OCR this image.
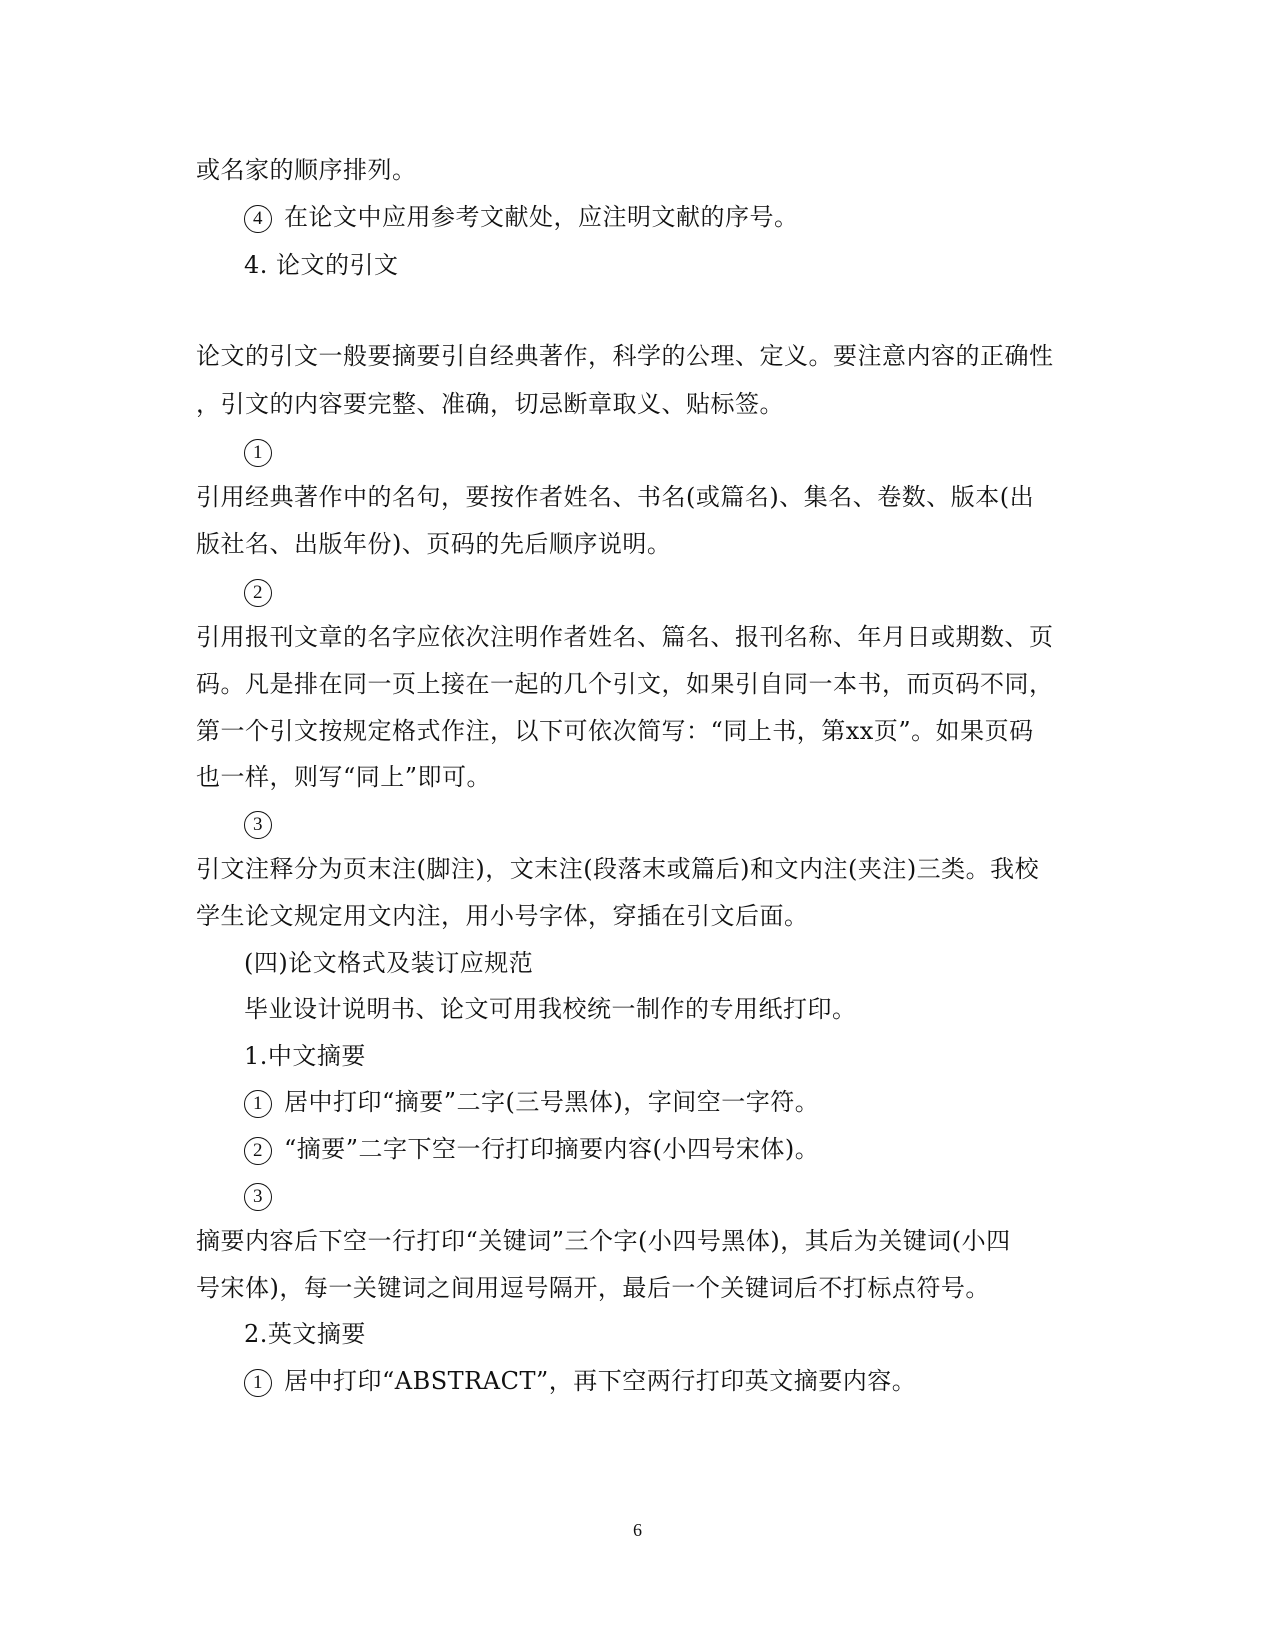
或名家的顺序排列。
4 在论文中应用参考文献处，应注明文献的序号。
4. 论文的引文
论文的引文一般要摘要引自经典著作，科学的公理、定义。要注意内容的正确性
，引文的内容要完整、准确，切忌断章取义、贴标签。
1
引用经典著作中的名句，要按作者姓名、书名(或篇名)、集名、卷数、版本(出
版社名、出版年份)、页码的先后顺序说明。
2
引用报刊文章的名字应依次注明作者姓名、篇名、报刊名称、年月日或期数、页
码。凡是排在同一页上接在一起的几个引文，如果引自同一本书，而页码不同，
第一个引文按规定格式作注，以下可依次简写：“同上书，第xx页”。如果页码
也一样，则写“同上”即可。
3
引文注释分为页末注(脚注)，文末注(段落末或篇后)和文内注(夹注)三类。我校
学生论文规定用文内注，用小号字体，穿插在引文后面。
(四)论文格式及装订应规范
毕业设计说明书、论文可用我校统一制作的专用纸打印。
1.中文摘要
1 居中打印“摘要”二字(三号黑体)，字间空一字符。
2 “摘要”二字下空一行打印摘要内容(小四号宋体)。
3
摘要内容后下空一行打印“关键词”三个字(小四号黑体)，其后为关键词(小四
号宋体)，每一关键词之间用逗号隔开，最后一个关键词后不打标点符号。
2.英文摘要
1 居中打印“ABSTRACT”，再下空两行打印英文摘要内容。
6
